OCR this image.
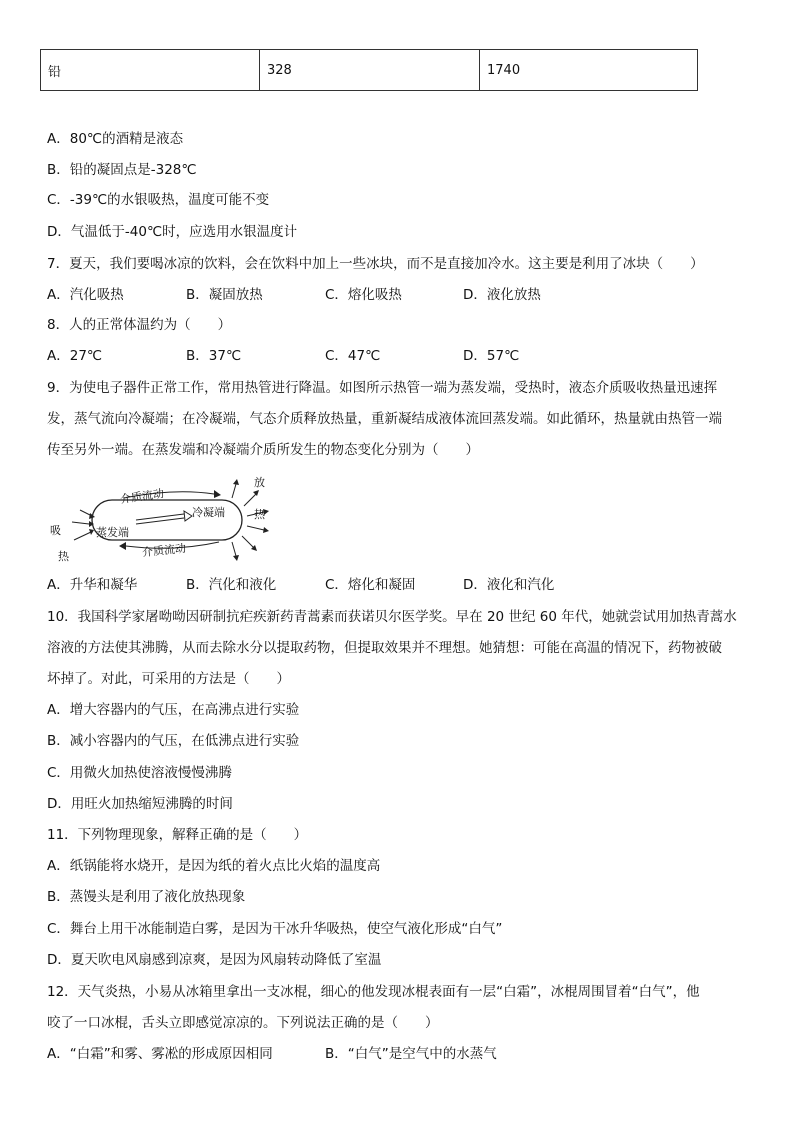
铅	328	1740
A．80℃的酒精是液态
B．铅的凝固点是-328℃
C．-39℃的水银吸热，温度可能不变
D．气温低于-40℃时，应选用水银温度计
7．夏天，我们要喝冰凉的饮料，会在饮料中加上一些冰块，而不是直接加冷水。这主要是利用了冰块（　　）
A．汽化吸热	B．凝固放热	C．熔化吸热	D．液化放热
8．人的正常体温约为（　　）
A．27℃	B．37℃	C．47℃	D．57℃
9．为使电子器件正常工作，常用热管进行降温。如图所示热管一端为蒸发端，受热时，液态介质吸收热量迅速挥
发，蒸气流向冷凝端；在冷凝端，气态介质释放热量，重新凝结成液体流回蒸发端。如此循环，热量就由热管一端
传至另外一端。在蒸发端和冷凝端介质所发生的物态变化分别为（　　）
介质流动
介质流动
蒸发端
冷凝端
吸
热
放
热
A．升华和凝华	B．汽化和液化	C．熔化和凝固	D．液化和汽化
10．我国科学家屠呦呦因研制抗疟疾新药青蒿素而获诺贝尔医学奖。早在 20 世纪 60 年代，她就尝试用加热青蒿水
溶液的方法使其沸腾，从而去除水分以提取药物，但提取效果并不理想。她猜想：可能在高温的情况下，药物被破
坏掉了。对此，可采用的方法是（　　）
A．增大容器内的气压，在高沸点进行实验
B．减小容器内的气压，在低沸点进行实验
C．用微火加热使溶液慢慢沸腾
D．用旺火加热缩短沸腾的时间
11．下列物理现象，解释正确的是（　　）
A．纸锅能将水烧开，是因为纸的着火点比火焰的温度高
B．蒸馒头是利用了液化放热现象
C．舞台上用干冰能制造白雾，是因为干冰升华吸热，使空气液化形成“白气”
D．夏天吹电风扇感到凉爽，是因为风扇转动降低了室温
12．天气炎热，小易从冰箱里拿出一支冰棍，细心的他发现冰棍表面有一层“白霜”，冰棍周围冒着“白气”，他
咬了一口冰棍，舌头立即感觉凉凉的。下列说法正确的是（　　）
A．“白霜”和雾、雾凇的形成原因相同	B．“白气”是空气中的水蒸气
